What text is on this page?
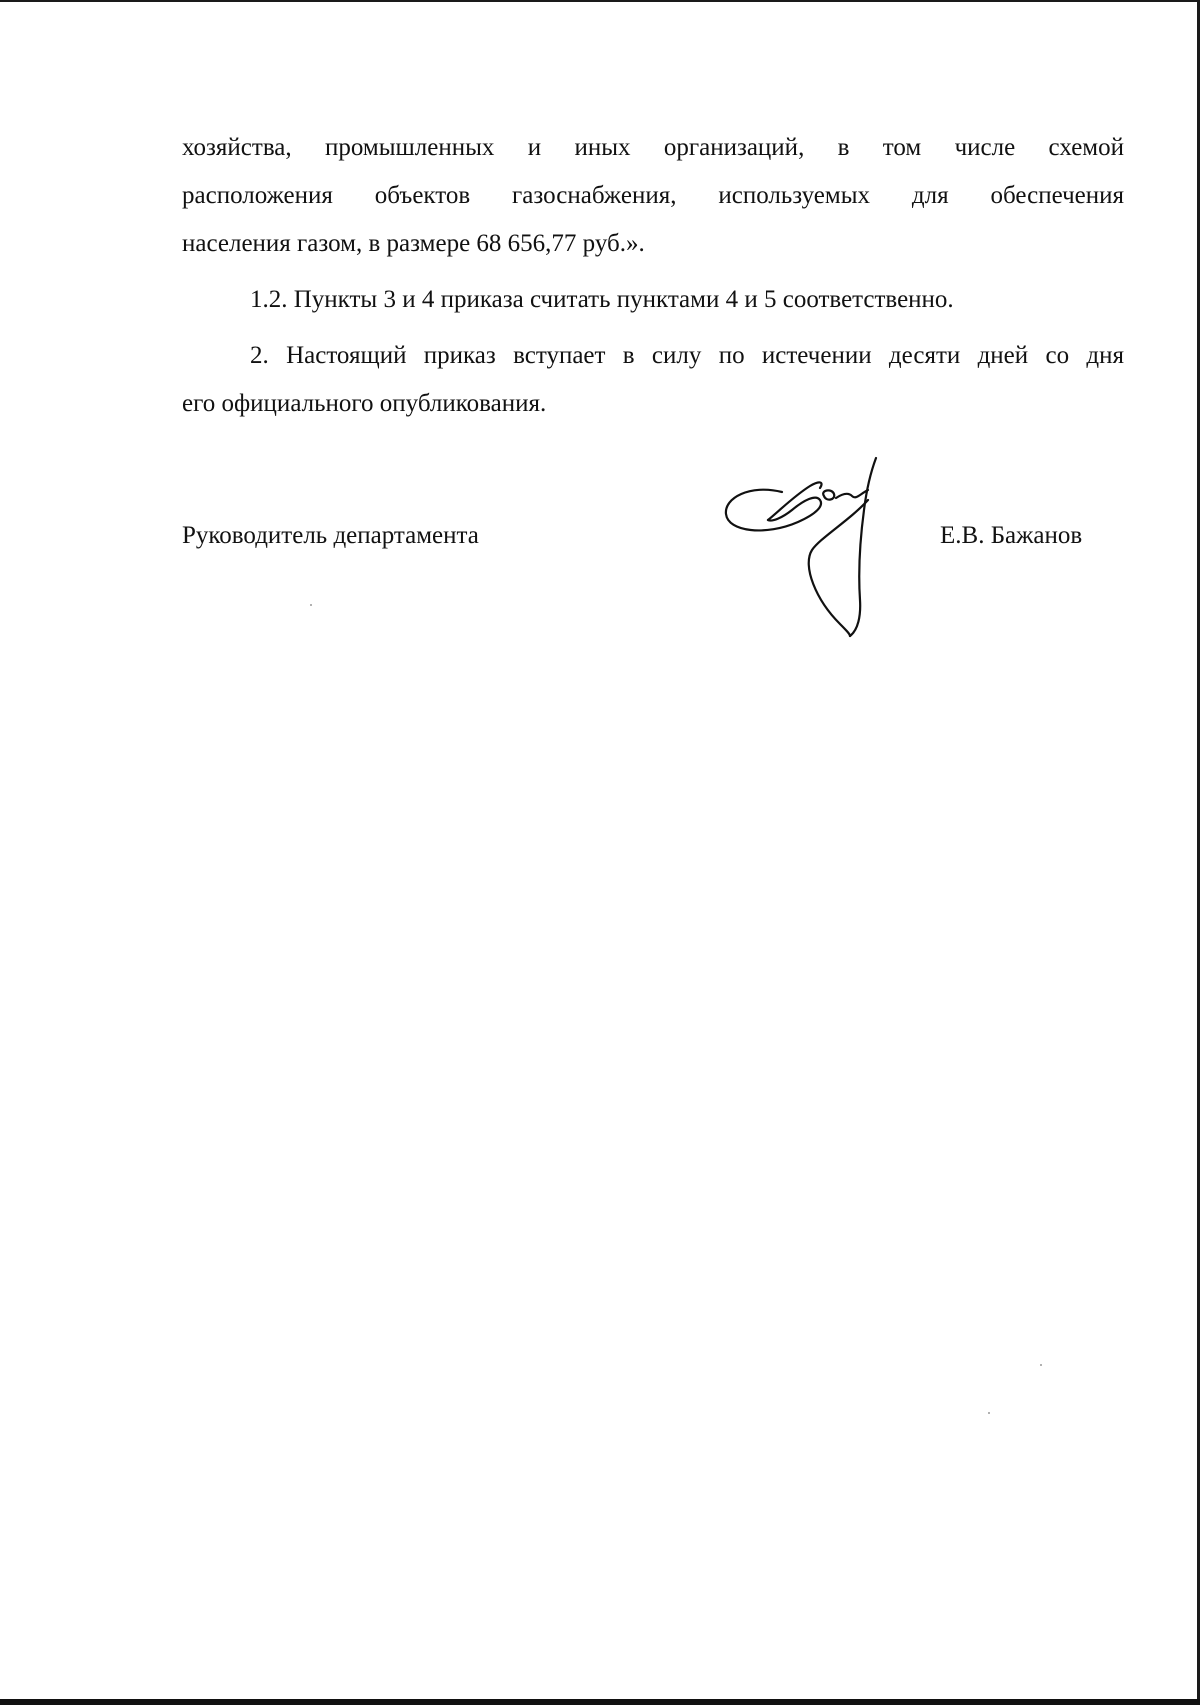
хозяйства, промышленных и иных организаций, в том числе схемой

расположения объектов газоснабжения, используемых для обеспечения

населения газом, в размере 68 656,77 руб.».

1.2. Пункты 3 и 4 приказа считать пунктами 4 и 5 соответственно.

2. Настоящий приказ вступает в силу по истечении десяти дней со дня

его официального опубликования.

Руководитель департамента	Е.В. Бажанов
